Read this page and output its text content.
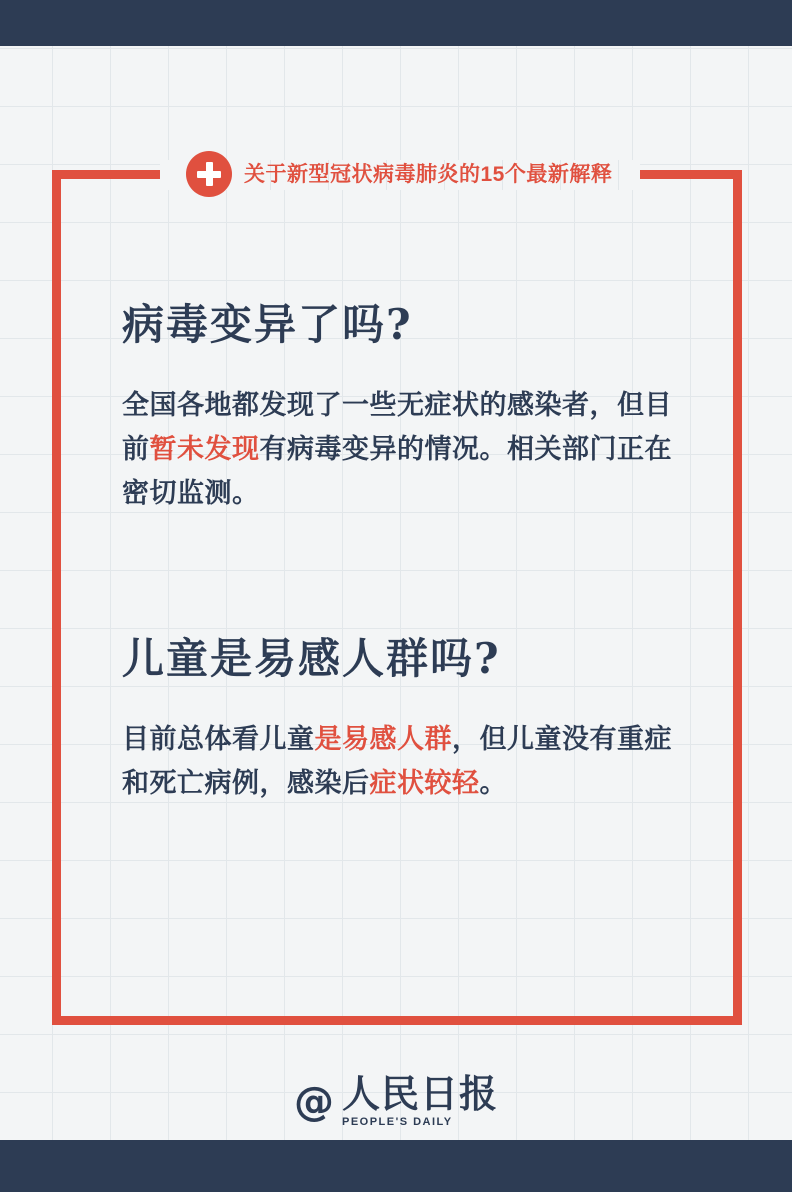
关于新型冠状病毒肺炎的15个最新解释
病毒变异了吗?

全国各地都发现了一些无症状的感染者，但目前暂未发现有病毒变异的情况。相关部门正在密切监测。

儿童是易感人群吗?

目前总体看儿童是易感人群，但儿童没有重症和死亡病例，感染后症状较轻。

@ 人民日报
PEOPLE'S DAILY
